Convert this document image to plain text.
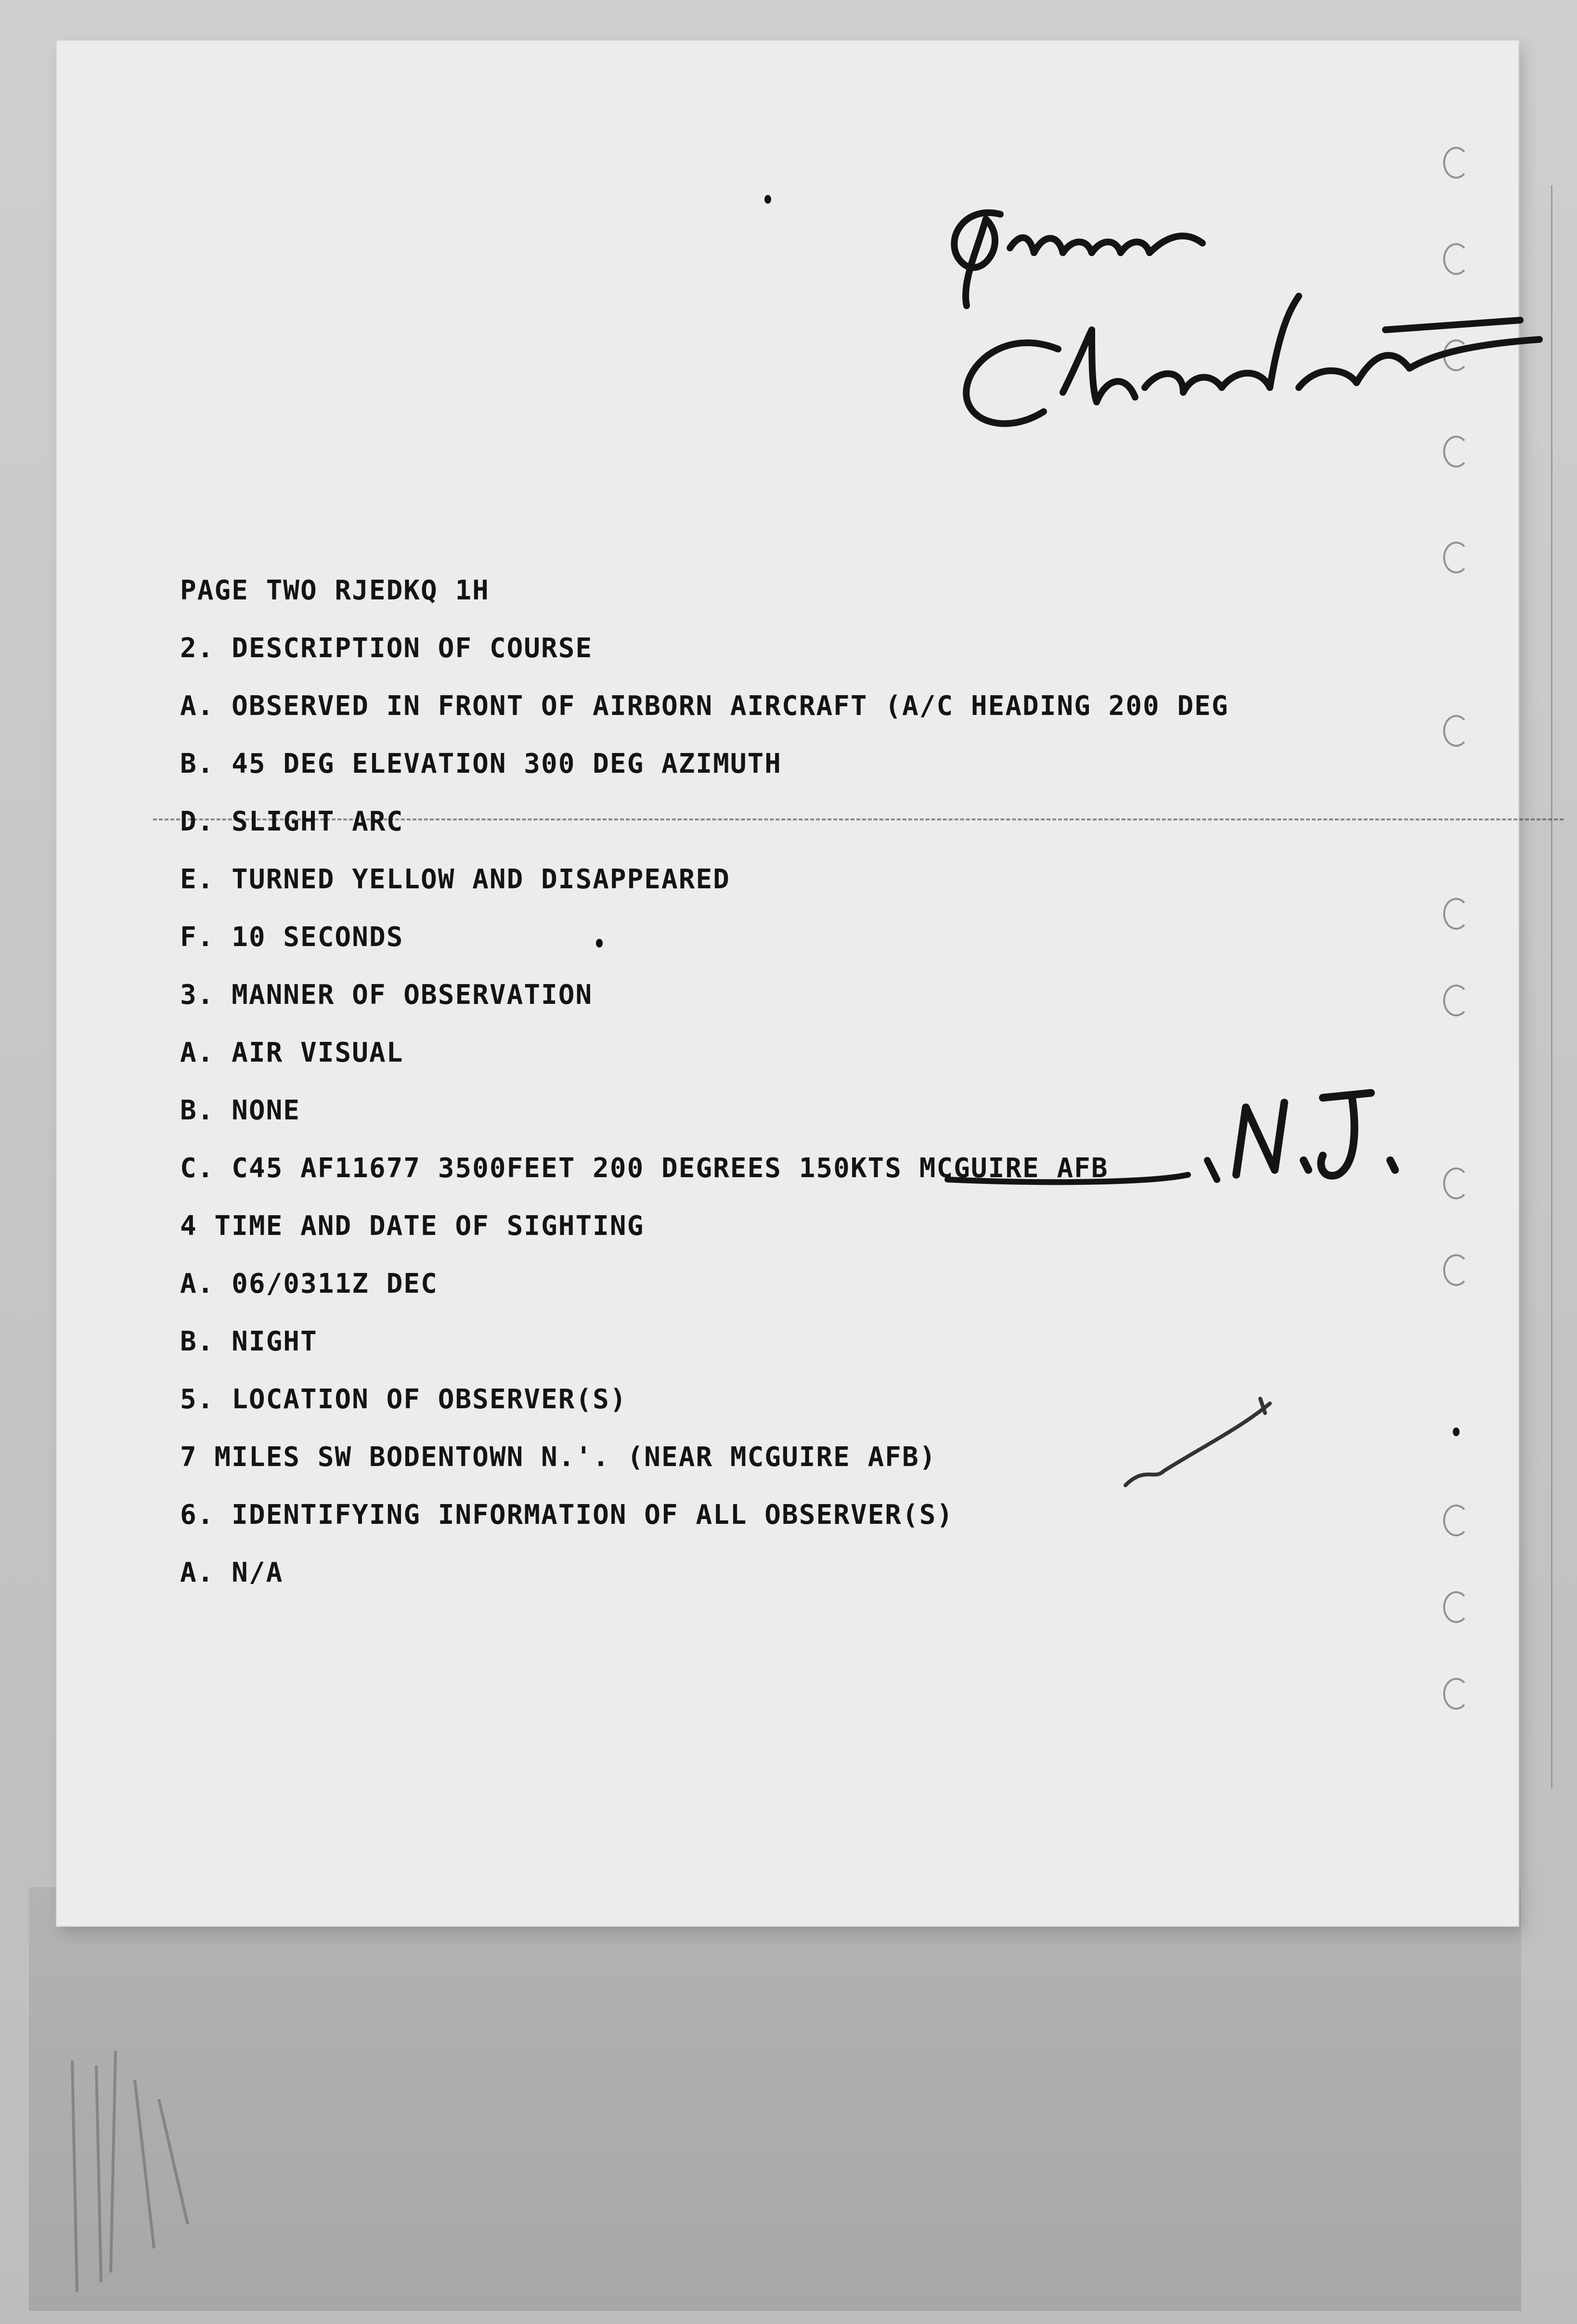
PAGE TWO RJEDKQ 1H
2. DESCRIPTION OF COURSE
A. OBSERVED IN FRONT OF AIRBORN AIRCRAFT (A/C HEADING 200 DEG
B. 45 DEG ELEVATION 300 DEG AZIMUTH
D. SLIGHT ARC
E. TURNED YELLOW AND DISAPPEARED
F. 10 SECONDS
3. MANNER OF OBSERVATION
A. AIR VISUAL
B. NONE
C. C45 AF11677 3500FEET 200 DEGREES 150KTS MCGUIRE AFB
4 TIME AND DATE OF SIGHTING
A. 06/0311Z DEC
B. NIGHT
5. LOCATION OF OBSERVER(S)
7 MILES SW BODENTOWN N.'. (NEAR MCGUIRE AFB)
6. IDENTIFYING INFORMATION OF ALL OBSERVER(S)
A. N/A
